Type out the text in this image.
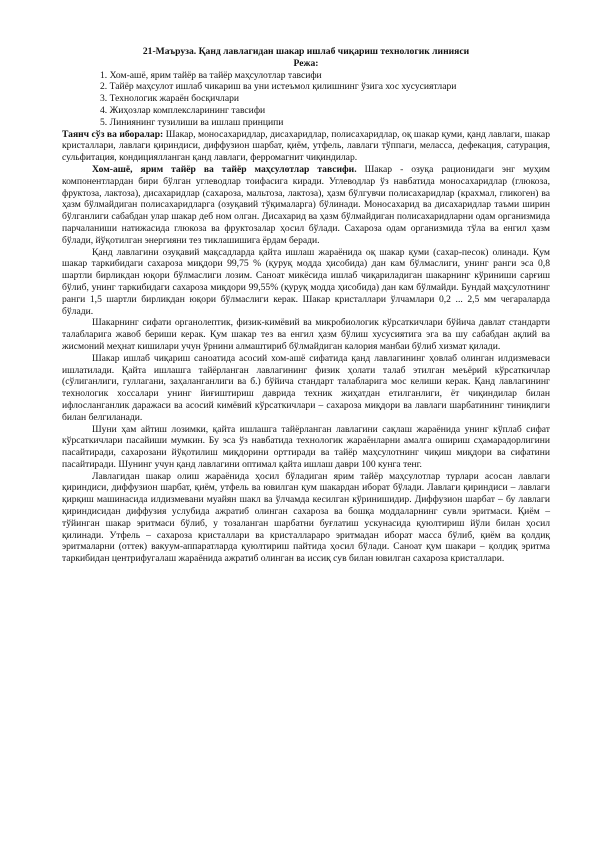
21-Маъруза. Қанд лавлагидан шакар ишлаб чиқариш технологик линияси

Режа:

1. Хом-ашё, ярим тайёр ва тайёр маҳсулотлар тавсифи
2. Тайёр маҳсулот ишлаб чикариш ва уни истеъмол қилишнинг ўзига хос хусусиятлари
3. Технологик жараён босқичлари
4. Жиҳозлар комплексларининг тавсифи
5. Линиянинг тузилиши ва ишлаш принципи

Таянч сўз ва иборалар: Шакар, моносахаридлар, дисахаридлар, полисахаридлар, оқ шакар қуми, қанд лавлаги, шакар кристаллари, лавлаги қириндиси, диффузион шарбат, қиём, утфель, лавлаги тўппаги, меласса, дефекация, сатурация, сульфитация, кондициялланган қанд лавлаги, ферромагнит чиқиндилар.

Хом-ашё, ярим тайёр ва тайёр маҳсулотлар тавсифи. Шакар - озуқа рационидаги энг муҳим компонентлардан бири бўлган углеводлар тоифасига киради. Углеводлар ўз навбатида моносахаридлар (глюкоза, фруктоза, лактоза), дисахаридлар (сахароза, мальтоза, лактоза), ҳазм бўлгувчи полисахаридлар (крахмал, гликоген) ва ҳазм бўлмайдиган полисахаридларга (озуқавий тўқималарга) бўлинади. Моносахарид ва дисахаридлар таъми ширин бўлганлиги сабабдан улар шакар деб ном олган. Дисахарид ва ҳазм бўлмайдиган полисахаридларни одам организмида парчаланиши натижасида глюкоза ва фруктозалар ҳосил бўлади. Сахароза одам организмида тўла ва енгил ҳазм бўлади, йўқотилган энергияни тез тиклашишига ёрдам беради.

Қанд лавлагини озуқавий мақсадларда қайта ишлаш жараёнида оқ шакар қуми (сахар-песок) олинади. Қум шакар таркибидаги сахароза миқдори 99,75 % (қуруқ модда ҳисобида) дан кам бўлмаслиги, унинг ранги эса 0,8 шартли бирликдан юқори бўлмаслиги лозим. Саноат микёсида ишлаб чиқариладиган шакарнинг кўриниши сарғиш бўлиб, унинг таркибидаги сахароза миқдори 99,55% (қуруқ модда ҳисобида) дан кам бўлмайди. Бундай маҳсулотнинг ранги 1,5 шартли бирликдан юқори бўлмаслиги керак. Шакар кристаллари ўлчамлари 0,2 ... 2,5 мм чегараларда бўлади.

Шакарнинг сифати органолептик, физик-кимёвий ва микробиологик кўрсаткичлари бўйича давлат стандарти талабларига жавоб бериши керак. Қум шакар тез ва енгил ҳазм бўлиш хусусиятига эга ва шу сабабдан ақлий ва жисмоний меҳнат кишилари учун ўрнини алмаштириб бўлмайдиган калория манбаи бўлиб хизмат қилади.

Шакар ишлаб чиқариш саноатида асосий хом-ашё сифатида қанд лавлагининг ҳовлаб олинган илдизмеваси ишлатилади. Қайта ишлашга тайёрланган лавлагининг физик ҳолати талаб этилган меъёрий кўрсаткичлар (сўлиганлиги, гуллагани, заҳаланганлиги ва б.) бўйича стандарт талабларига мос келиши керак. Қанд лавлагининг технологик хоссалари унинг йиғиштириш даврида техник жиҳатдан етилганлиги, ёт чиқиндилар билан ифлосланганлик даражаси ва асосий кимёвий кўрсаткичлари – сахароза миқдори ва лавлаги шарбатининг тиниқлиги билан белгиланади.

Шуни ҳам айтиш лозимки, қайта ишлашга тайёрланган лавлагини сақлаш жараёнида унинг кўплаб сифат кўрсаткичлари пасайиши мумкин. Бу эса ўз навбатида технологик жараёнларни амалга ошириш сҳамарадорлигини пасайтиради, сахарозани йўқотилиш миқдорини орттиради ва тайёр маҳсулотнинг чиқиш миқдори ва сифатини пасайтиради. Шунинг учун қанд лавлагини оптимал қайта ишлаш даври 100 кунга тенг.

Лавлагидан шакар олиш жараёнида ҳосил бўладиган ярим тайёр маҳсулотлар турлари асосан лавлаги қириндиси, диффузион шарбат, қиём, утфель ва ювилган қум шакардан иборат бўлади. Лавлаги қириндиси – лавлаги қирқиш машинасида илдизмевани муайян шакл ва ўлчамда кесилган кўринишидир. Диффузион шарбат – бу лавлаги қириндисидан диффузия услубида ажратиб олинган сахароза ва бошқа моддаларнинг сувли эритмаси. Қиём – тўйинган шакар эритмаси бўлиб, у тозаланган шарбатни буғлатиш ускунасида қуюлтириш йўли билан ҳосил қилинади. Утфель – сахароза кристаллари ва кристаллараро эритмадан иборат масса бўлиб, қиём ва қолдиқ эритмаларни (оттек) вакуум-аппаратларда қуюлтириш пайтида ҳосил бўлади. Саноат қум шакари – қолдиқ эритма таркибидан центрифугалаш жараёнида ажратиб олинган ва иссиқ сув билан ювилган сахароза кристаллари.
